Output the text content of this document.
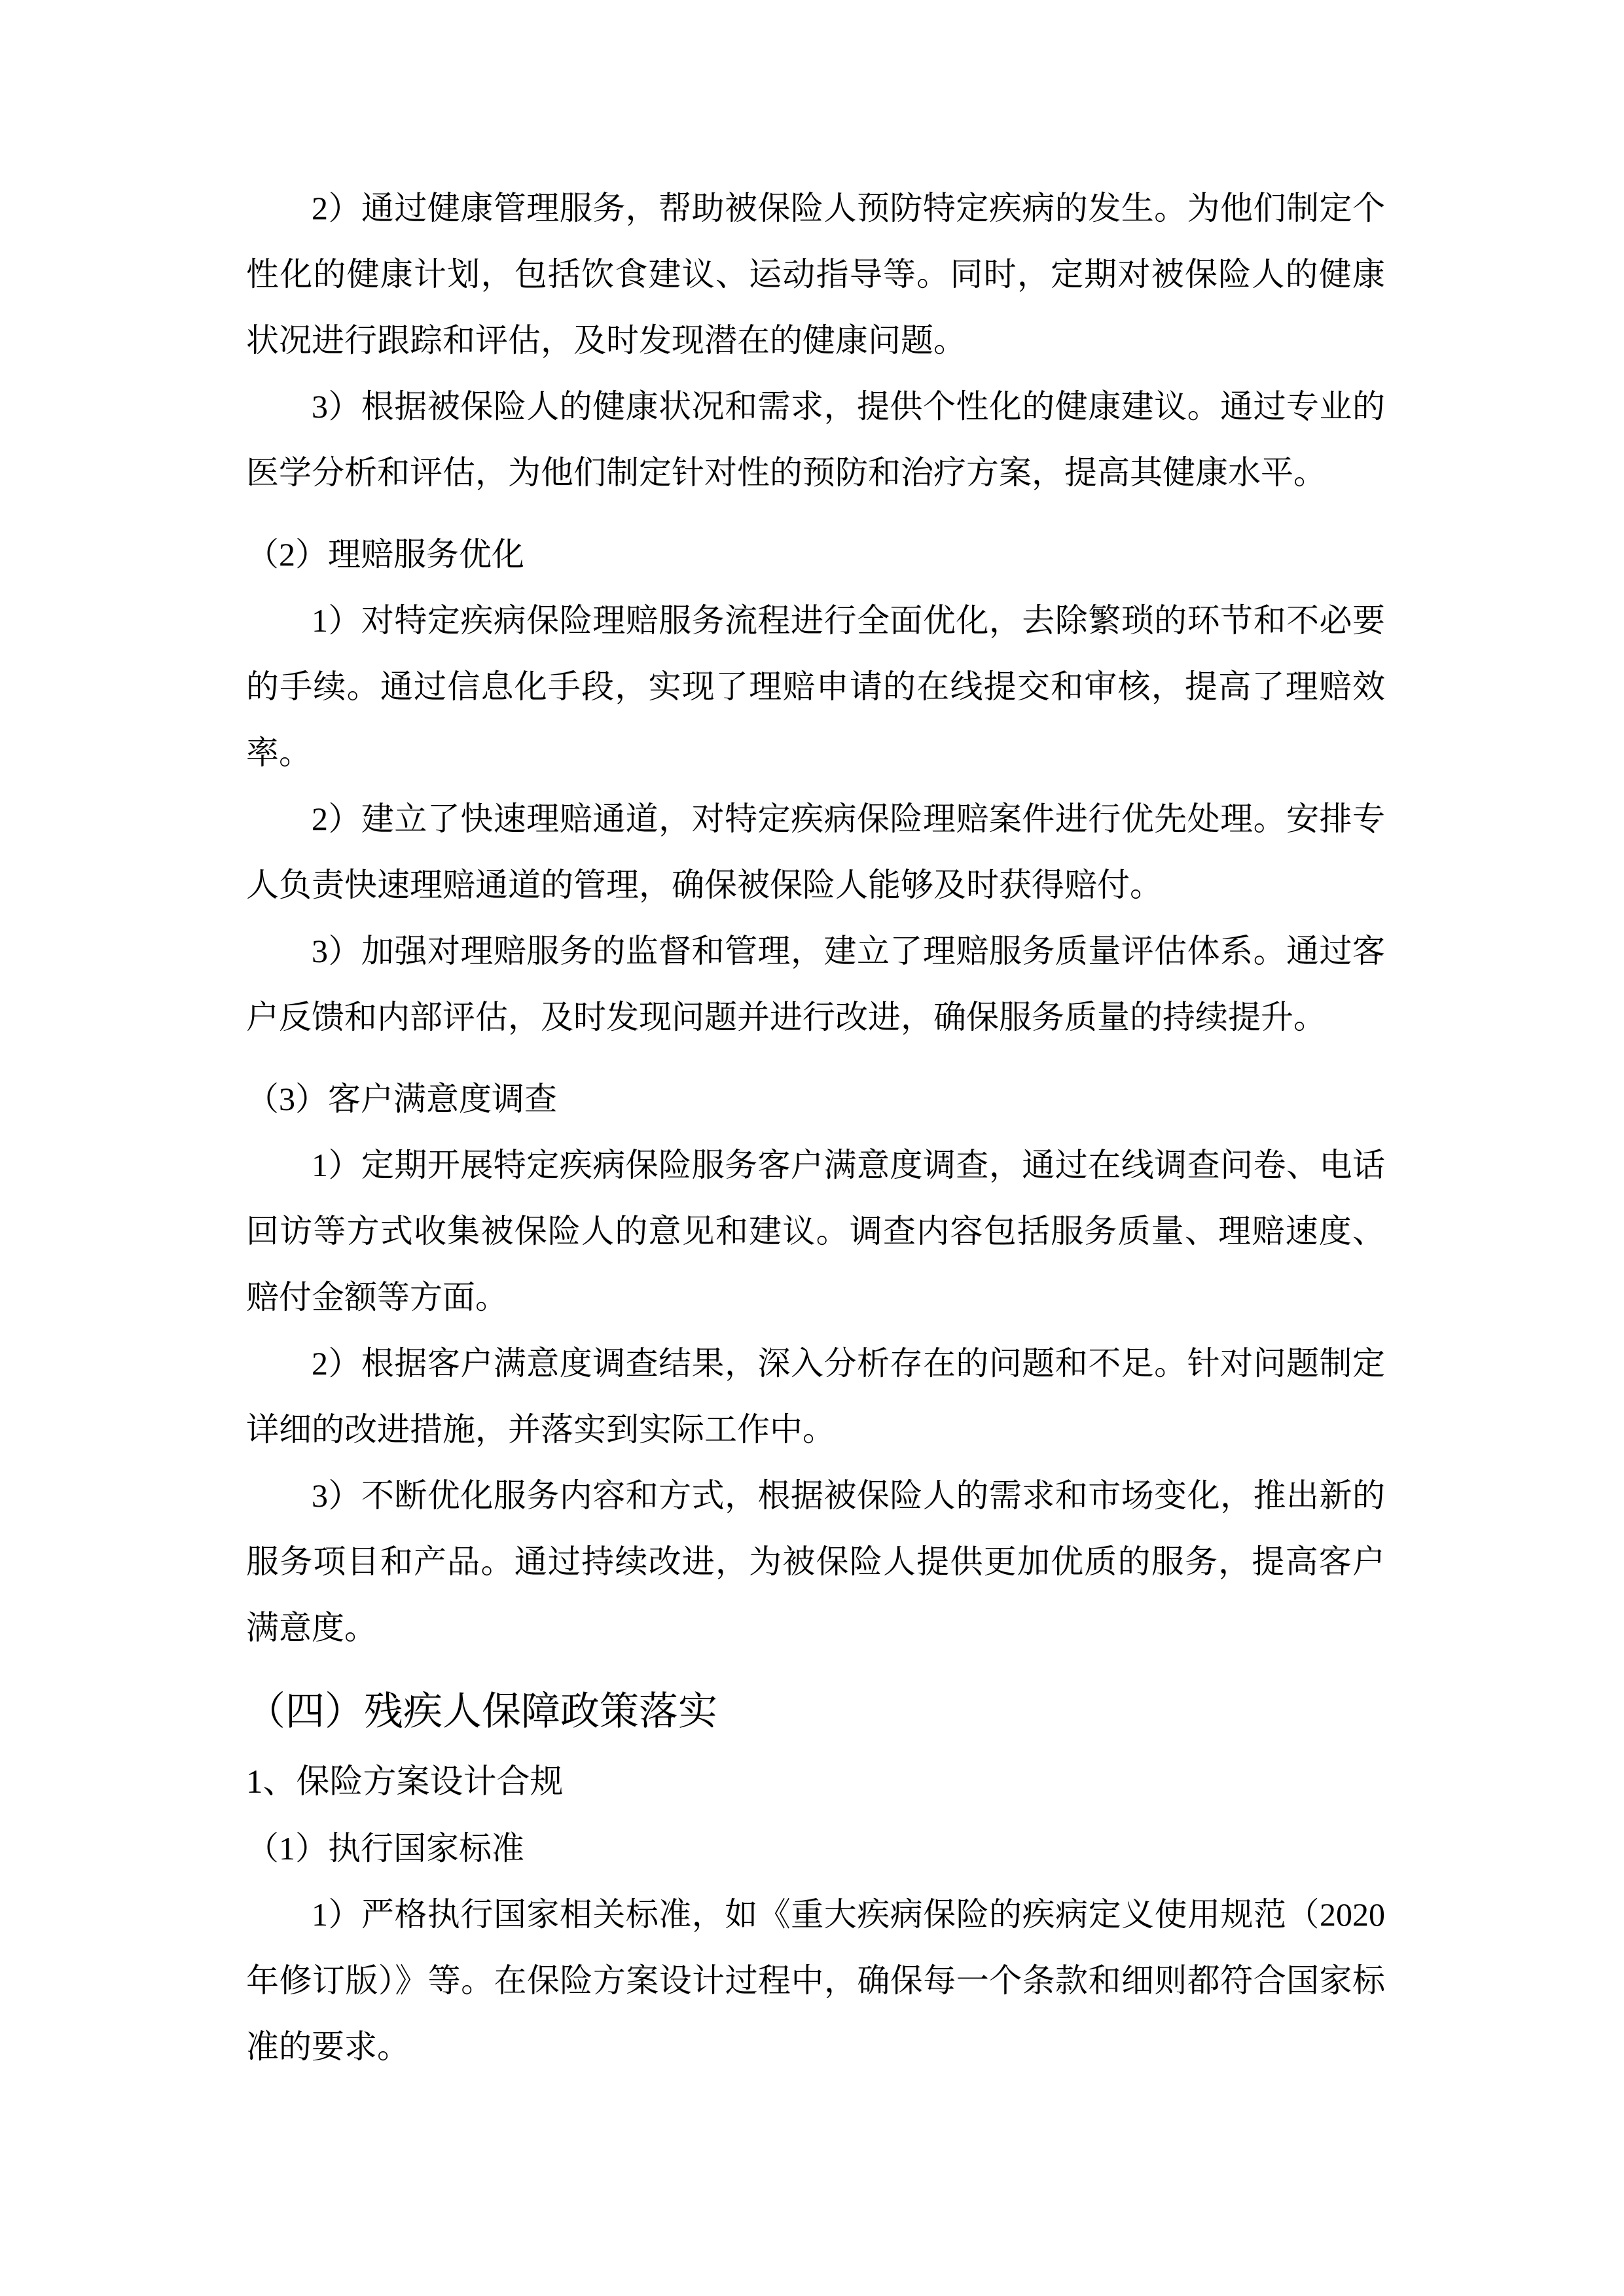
2）通过健康管理服务，帮助被保险人预防特定疾病的发生。为他们制定个性化的健康计划，包括饮食建议、运动指导等。同时，定期对被保险人的健康状况进行跟踪和评估，及时发现潜在的健康问题。

3）根据被保险人的健康状况和需求，提供个性化的健康建议。通过专业的医学分析和评估，为他们制定针对性的预防和治疗方案，提高其健康水平。

（2）理赔服务优化

1）对特定疾病保险理赔服务流程进行全面优化，去除繁琐的环节和不必要的手续。通过信息化手段，实现了理赔申请的在线提交和审核，提高了理赔效率。

2）建立了快速理赔通道，对特定疾病保险理赔案件进行优先处理。安排专人负责快速理赔通道的管理，确保被保险人能够及时获得赔付。

3）加强对理赔服务的监督和管理，建立了理赔服务质量评估体系。通过客户反馈和内部评估，及时发现问题并进行改进，确保服务质量的持续提升。

（3）客户满意度调查

1）定期开展特定疾病保险服务客户满意度调查，通过在线调查问卷、电话回访等方式收集被保险人的意见和建议。调查内容包括服务质量、理赔速度、赔付金额等方面。

2）根据客户满意度调查结果，深入分析存在的问题和不足。针对问题制定详细的改进措施，并落实到实际工作中。

3）不断优化服务内容和方式，根据被保险人的需求和市场变化，推出新的服务项目和产品。通过持续改进，为被保险人提供更加优质的服务，提高客户满意度。

（四）残疾人保障政策落实

1、保险方案设计合规

（1）执行国家标准

1）严格执行国家相关标准，如《重大疾病保险的疾病定义使用规范（2020年修订版）》等。在保险方案设计过程中，确保每一个条款和细则都符合国家标准的要求。
